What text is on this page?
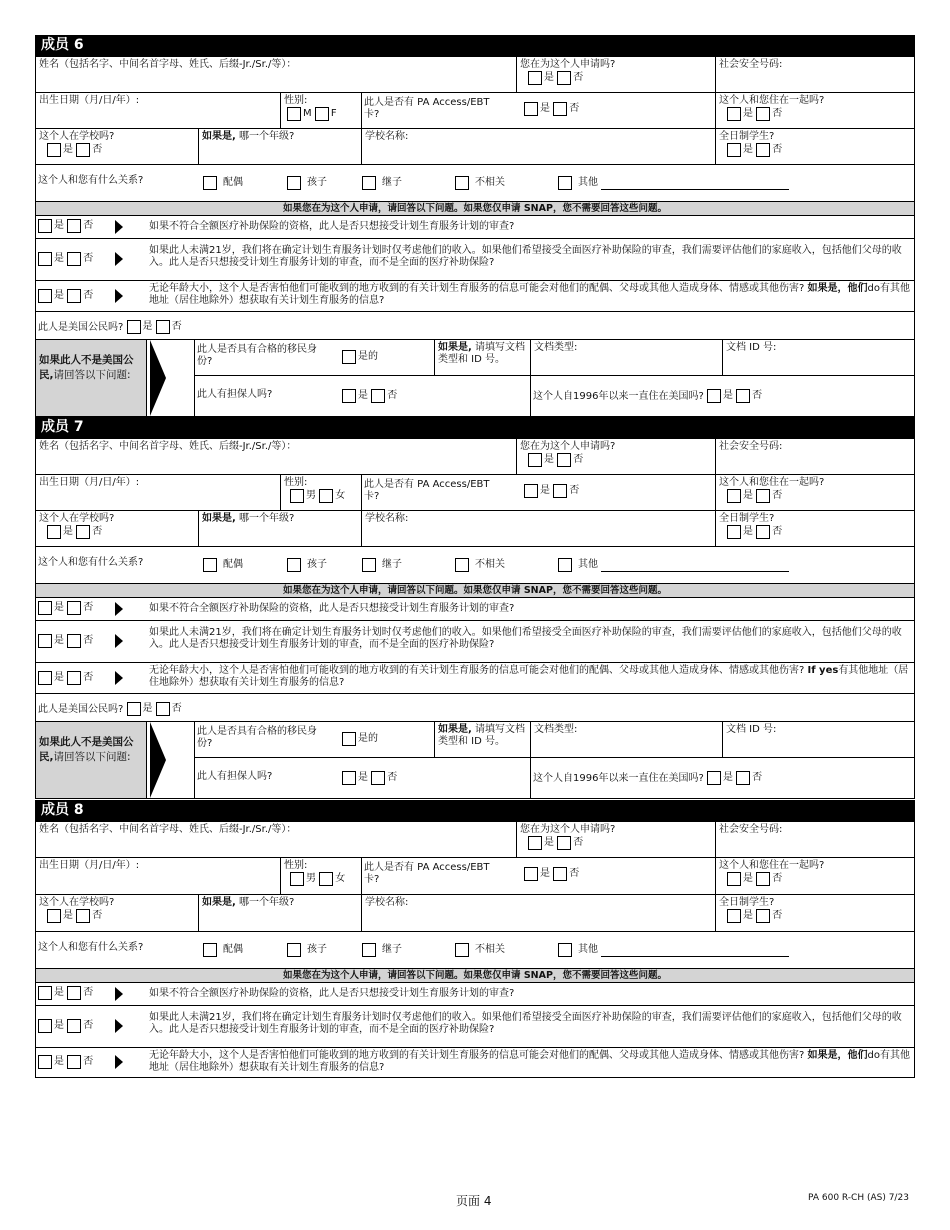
成员 6
姓名（包括名字、中间名首字母、姓氏、后缀-Jr./Sr./等）：	您在为这个人申请吗?
是 否
社会安全号码:
出生日期（月/日/年）:	性别:
M F
此人是否有 PA Access/EBT 卡?
是 否
这个人和您住在一起吗?
是 否
这个人在学校吗?
是 否
如果是, 哪一个年级?	学校名称:	全日制学生?
是 否
这个人和您有什么关系?	配偶	孩子	继子	不相关	其他
如果您在为这个人申请，请回答以下问题。如果您仅申请 SNAP，您不需要回答这些问题。
是 否	如果不符合全额医疗补助保险的资格，此人是否只想接受计划生育服务计划的审查?
是 否
如果此人未满21岁，我们将在确定计划生育服务计划时仅考虑他们的收入。如果他们希望接受全面医疗补助保险的审查，我们需要评估他们的家庭收入，包括他们父母的收入。此人是否只想接受计划生育服务计划的审查，而不是全面的医疗补助保险?
是 否
无论年龄大小，这个人是否害怕他们可能收到的地方收到的有关计划生育服务的信息可能会对他们的配偶、父母或其他人造成身体、情感或其他伤害? 如果是，他们do有其他地址（居住地除外）想获取有关计划生育服务的信息?
此人是美国公民吗? 是 否
如果此人不是美国公民,请回答以下问题:
此人是否具有合格的移民身份?	是的
如果是, 请填写文档类型和 ID 号。
文档类型:	文档 ID 号:
此人有担保人吗?	是 否	这个人自1996年以来一直住在美国吗? 是 否
成员 7
姓名（包括名字、中间名首字母、姓氏、后缀-Jr./Sr./等）：	您在为这个人申请吗?
是 否
社会安全号码:
出生日期（月/日/年）:	性别:
男 女
此人是否有 PA Access/EBT 卡?
是 否
这个人和您住在一起吗?
是 否
这个人在学校吗?
是 否
如果是, 哪一个年级?	学校名称:	全日制学生?
是 否
这个人和您有什么关系?	配偶	孩子	继子	不相关	其他
如果您在为这个人申请，请回答以下问题。如果您仅申请 SNAP，您不需要回答这些问题。
是 否	如果不符合全额医疗补助保险的资格，此人是否只想接受计划生育服务计划的审查?
是 否
如果此人未满21岁，我们将在确定计划生育服务计划时仅考虑他们的收入。如果他们希望接受全面医疗补助保险的审查，我们需要评估他们的家庭收入，包括他们父母的收入。此人是否只想接受计划生育服务计划的审查，而不是全面的医疗补助保险?
是 否
无论年龄大小，这个人是否害怕他们可能收到的地方收到的有关计划生育服务的信息可能会对他们的配偶、父母或其他人造成身体、情感或其他伤害? If yes有其他地址（居住地除外）想获取有关计划生育服务的信息?
此人是美国公民吗? 是 否
如果此人不是美国公民,请回答以下问题:
此人是否具有合格的移民身份?	是的
如果是, 请填写文档类型和 ID 号。
文档类型:	文档 ID 号:
此人有担保人吗?	是 否	这个人自1996年以来一直住在美国吗? 是 否
成员 8
姓名（包括名字、中间名首字母、姓氏、后缀-Jr./Sr./等）：	您在为这个人申请吗?
是 否
社会安全号码:
出生日期（月/日/年）:	性别:
男 女
此人是否有 PA Access/EBT 卡?
是 否
这个人和您住在一起吗?
是 否
这个人在学校吗?
是 否
如果是, 哪一个年级?	学校名称:	全日制学生?
是 否
这个人和您有什么关系?	配偶	孩子	继子	不相关	其他
如果您在为这个人申请，请回答以下问题。如果您仅申请 SNAP，您不需要回答这些问题。
是 否	如果不符合全额医疗补助保险的资格，此人是否只想接受计划生育服务计划的审查?
是 否
如果此人未满21岁，我们将在确定计划生育服务计划时仅考虑他们的收入。如果他们希望接受全面医疗补助保险的审查，我们需要评估他们的家庭收入，包括他们父母的收入。此人是否只想接受计划生育服务计划的审查，而不是全面的医疗补助保险?
是 否
无论年龄大小，这个人是否害怕他们可能收到的地方收到的有关计划生育服务的信息可能会对他们的配偶、父母或其他人造成身体、情感或其他伤害? 如果是，他们do有其他地址（居住地除外）想获取有关计划生育服务的信息?
页面 4	PA 600 R-CH (AS) 7/23
